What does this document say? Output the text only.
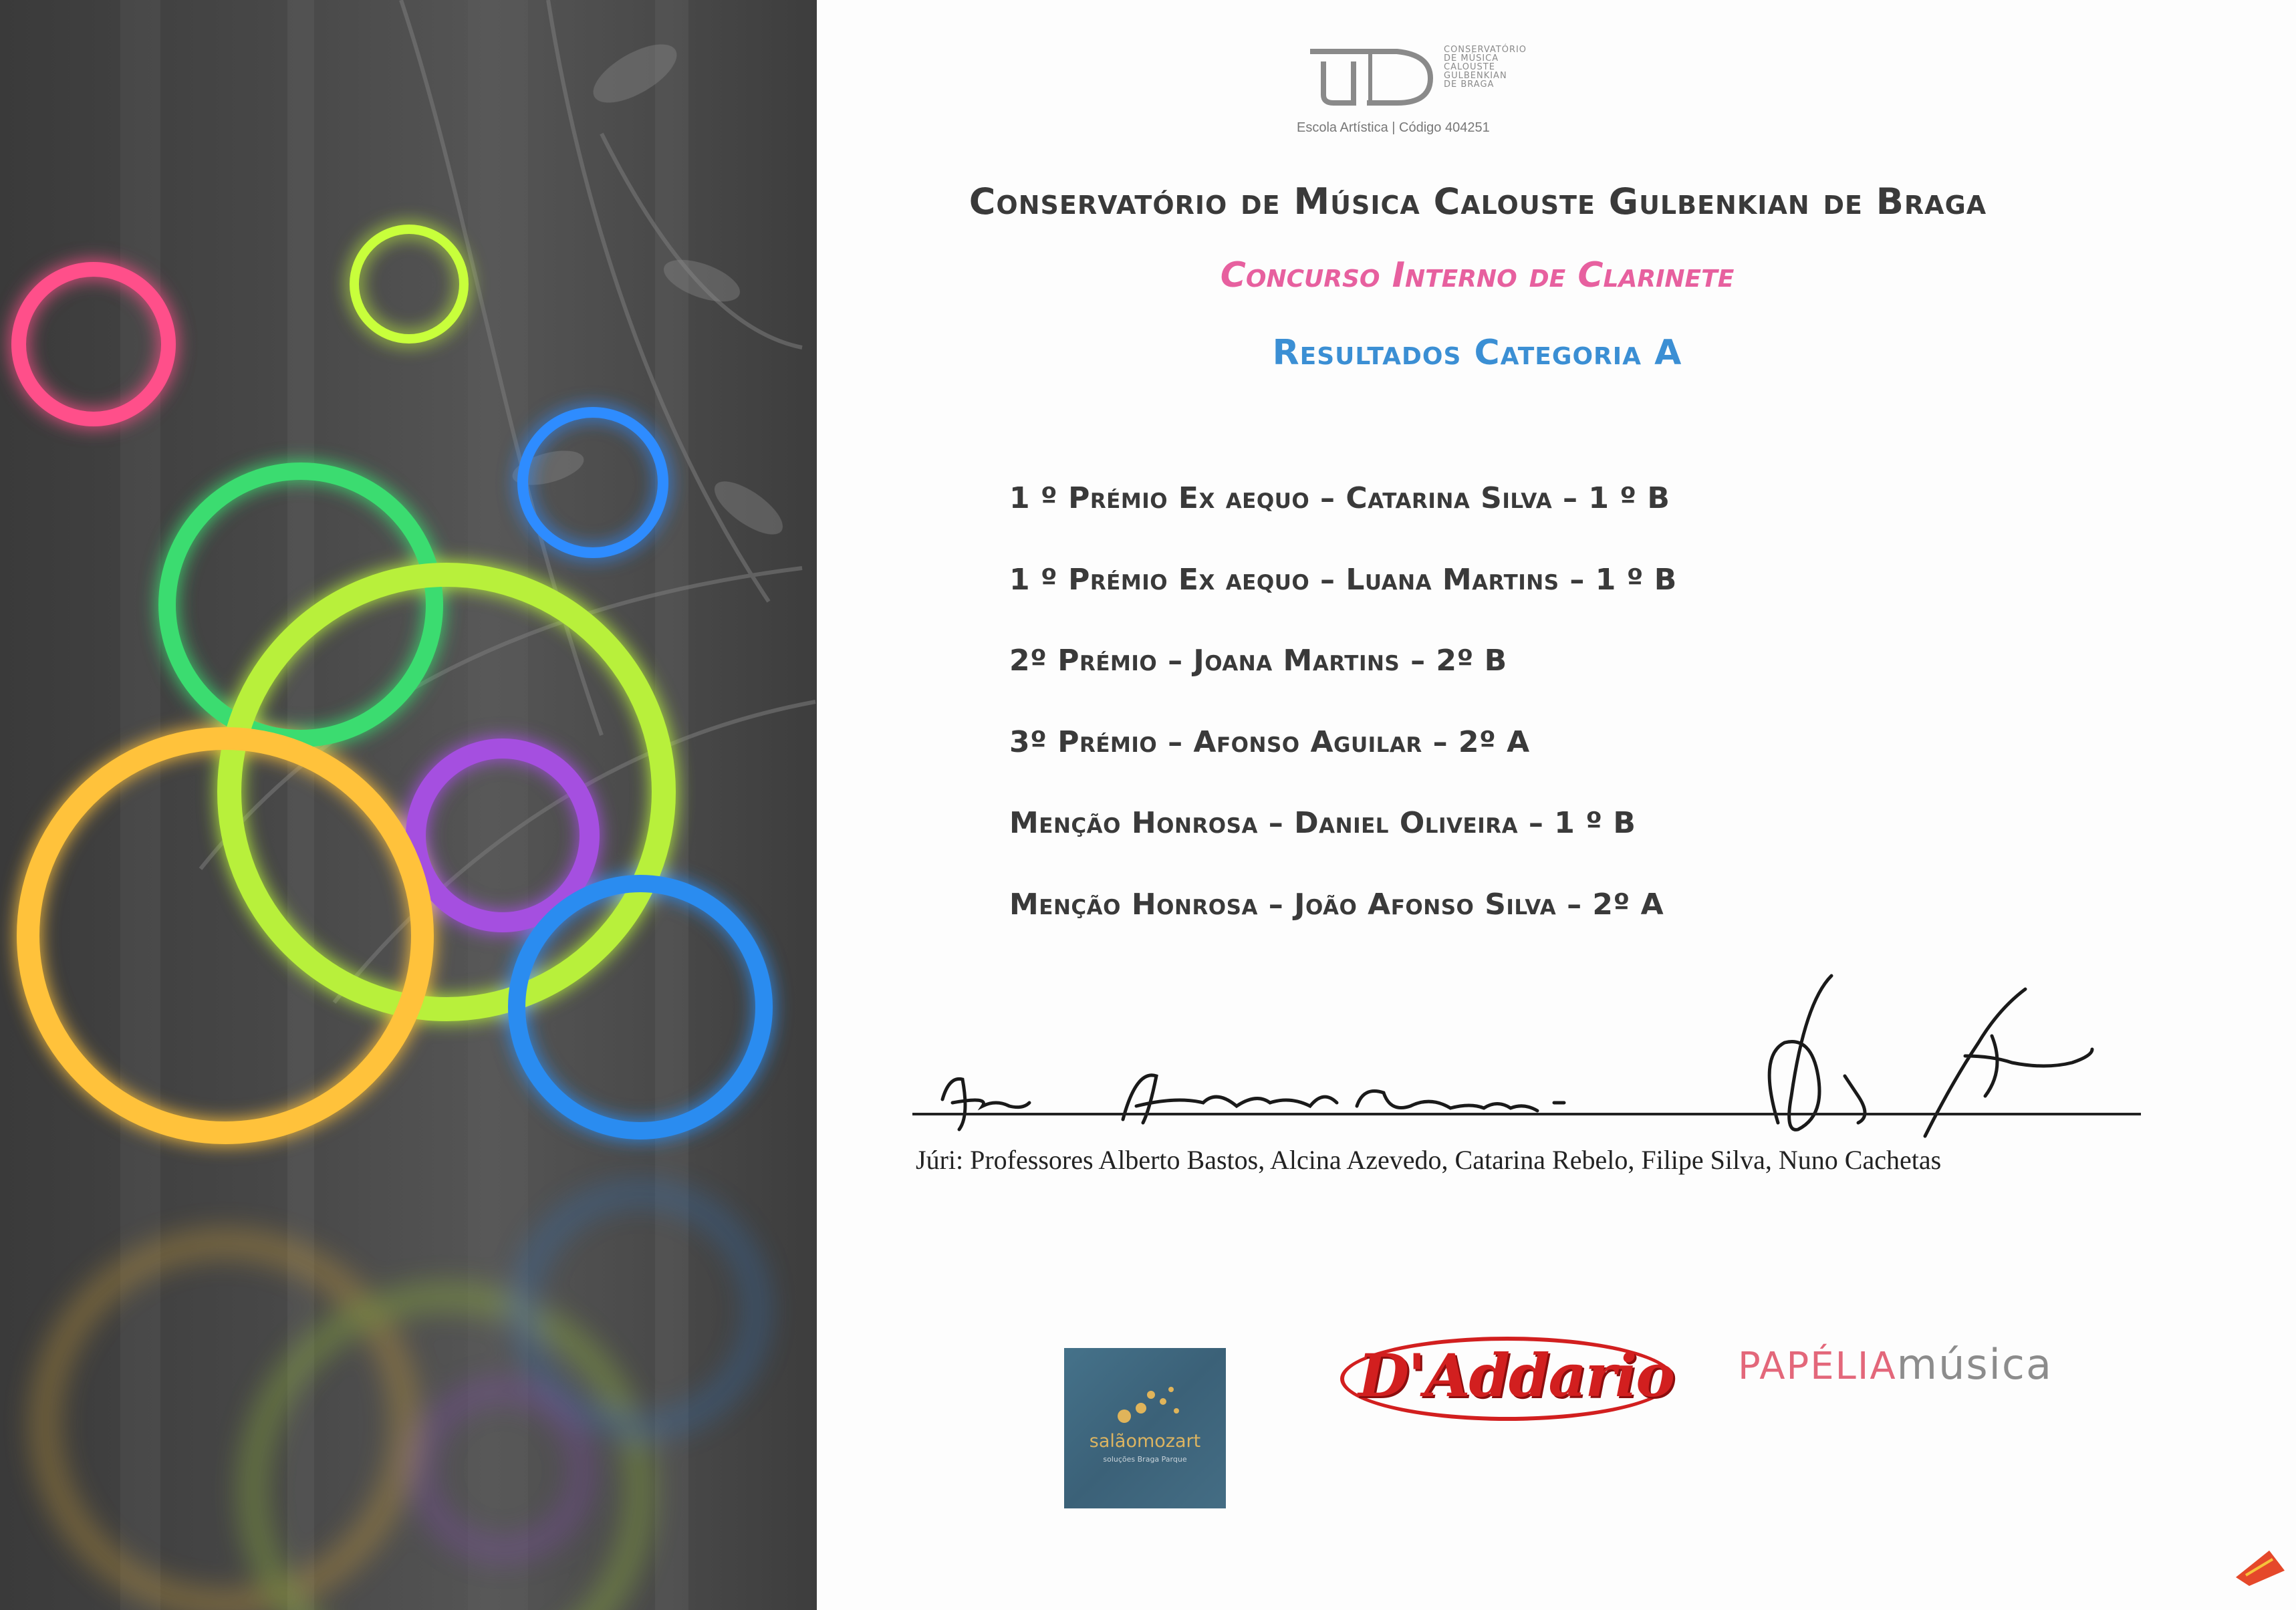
CONSERVATÓRIO
DE MÚSICA
CALOUSTE
GULBENKIAN
DE BRAGA
Escola Artística | Código 404251
Conservatório de Música Calouste Gulbenkian de Braga
Concurso Interno de Clarinete
Resultados Categoria A
1 º Prémio Ex aequo – Catarina Silva – 1 º B
1 º Prémio Ex aequo – Luana Martins – 1 º B
2º Prémio – Joana Martins – 2º B
3º Prémio – Afonso Aguilar – 2º A
Menção Honrosa – Daniel Oliveira – 1 º B
Menção Honrosa – João Afonso Silva – 2º A
Júri: Professores Alberto Bastos, Alcina Azevedo, Catarina Rebelo, Filipe Silva, Nuno Cachetas
salãomozart
soluções Braga Parque
D'Addario	PAPÉLIAmúsica
